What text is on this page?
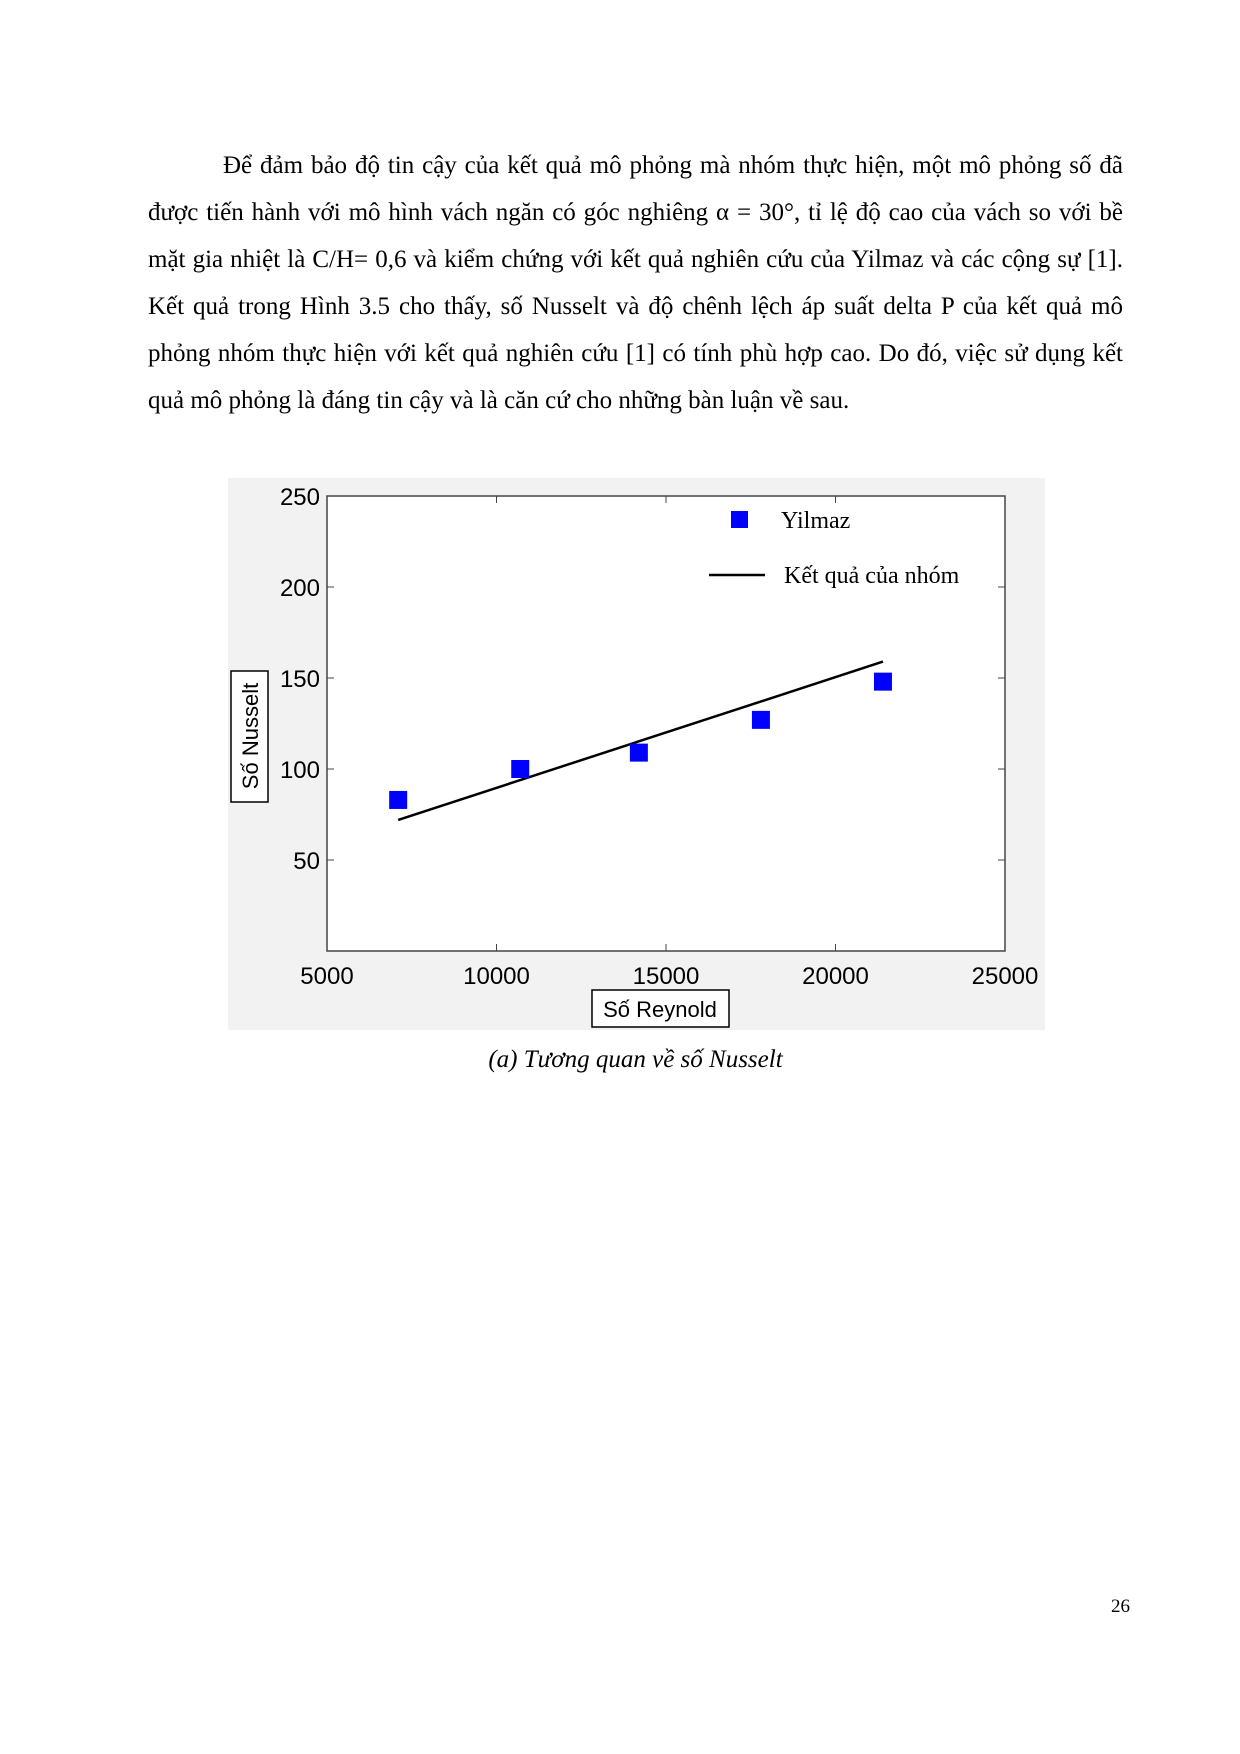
Để đảm bảo độ tin cậy của kết quả mô phỏng mà nhóm thực hiện, một mô phỏng số đã được tiến hành với mô hình vách ngăn có góc nghiêng α = 30°, tỉ lệ độ cao của vách so với bề mặt gia nhiệt là C/H= 0,6 và kiểm chứng với kết quả nghiên cứu của Yilmaz và các cộng sự [1]. Kết quả trong Hình 3.5 cho thấy, số Nusselt và độ chênh lệch áp suất delta P của kết quả mô phỏng nhóm thực hiện với kết quả nghiên cứu [1] có tính phù hợp cao. Do đó, việc sử dụng kết quả mô phỏng là đáng tin cậy và là căn cứ cho những bàn luận về sau.

5000	10000	15000	20000	25000
50
100
150
200
250
Yilmaz
Kết quả của nhóm
Số Nusselt
Số Reynold
(a) Tương quan về số Nusselt
26
